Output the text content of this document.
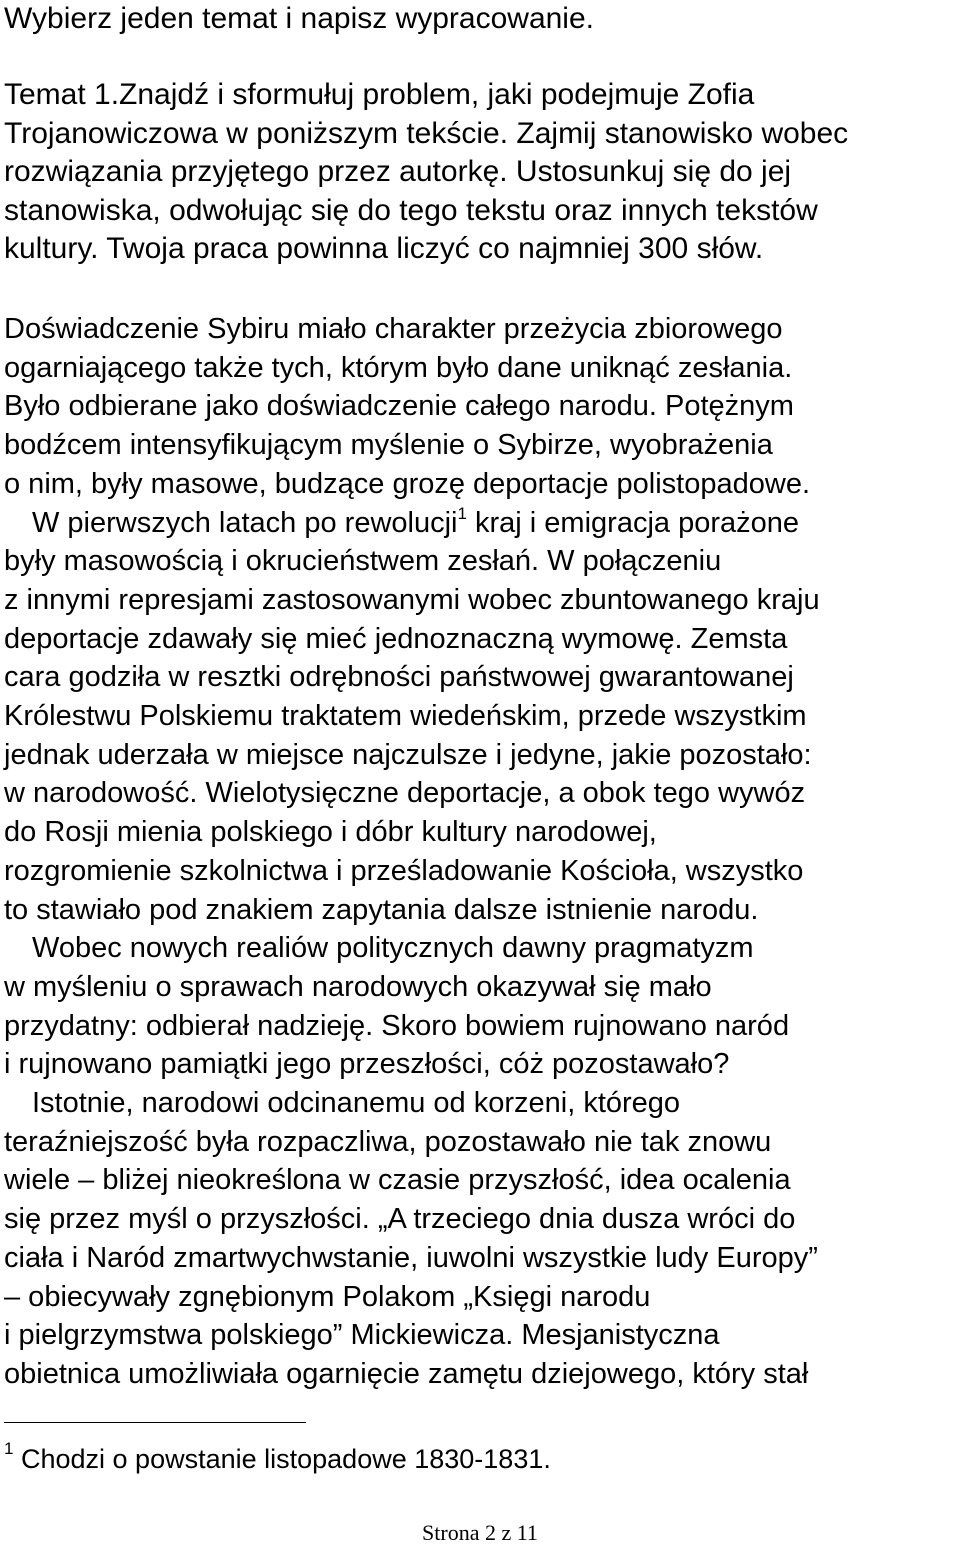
Wybierz jeden temat i napisz wypracowanie.

Temat 1.Znajdź i sformułuj problem, jaki podejmuje Zofia
Trojanowiczowa w poniższym tekście. Zajmij stanowisko wobec
rozwiązania przyjętego przez autorkę. Ustosunkuj się do jej
stanowiska, odwołując się do tego tekstu oraz innych tekstów
kultury. Twoja praca powinna liczyć co najmniej 300 słów.

Doświadczenie Sybiru miało charakter przeżycia zbiorowego
ogarniającego także tych, którym było dane uniknąć zesłania.
Było odbierane jako doświadczenie całego narodu. Potężnym
bodźcem intensyfikującym myślenie o Sybirze, wyobrażenia
o nim, były masowe, budzące grozę deportacje polistopadowe.
W pierwszych latach po rewolucji$^1$ kraj i emigracja porażone
były masowością i okrucieństwem zesłań. W połączeniu
z innymi represjami zastosowanymi wobec zbuntowanego kraju
deportacje zdawały się mieć jednoznaczną wymowę. Zemsta
cara godziła w resztki odrębności państwowej gwarantowanej
Królestwu Polskiemu traktatem wiedeńskim, przede wszystkim
jednak uderzała w miejsce najczulsze i jedyne, jakie pozostało:
w narodowość. Wielotysięczne deportacje, a obok tego wywóz
do Rosji mienia polskiego i dóbr kultury narodowej,
rozgromienie szkolnictwa i prześladowanie Kościoła, wszystko
to stawiało pod znakiem zapytania dalsze istnienie narodu.
Wobec nowych realiów politycznych dawny pragmatyzm
w myśleniu o sprawach narodowych okazywał się mało
przydatny: odbierał nadzieję. Skoro bowiem rujnowano naród
i rujnowano pamiątki jego przeszłości, cóż pozostawało?
Istotnie, narodowi odcinanemu od korzeni, którego
teraźniejszość była rozpaczliwa, pozostawało nie tak znowu
wiele – bliżej nieokreślona w czasie przyszłość, idea ocalenia
się przez myśl o przyszłości. „A trzeciego dnia dusza wróci do
ciała i Naród zmartwychwstanie, iuwolni wszystkie ludy Europy”
– obiecywały zgnębionym Polakom „Księgi narodu
i pielgrzymstwa polskiego” Mickiewicza. Mesjanistyczna
obietnica umożliwiała ogarnięcie zamętu dziejowego, który stał

$^1$ Chodzi o powstanie listopadowe 1830-1831.

Strona 2 z 11
